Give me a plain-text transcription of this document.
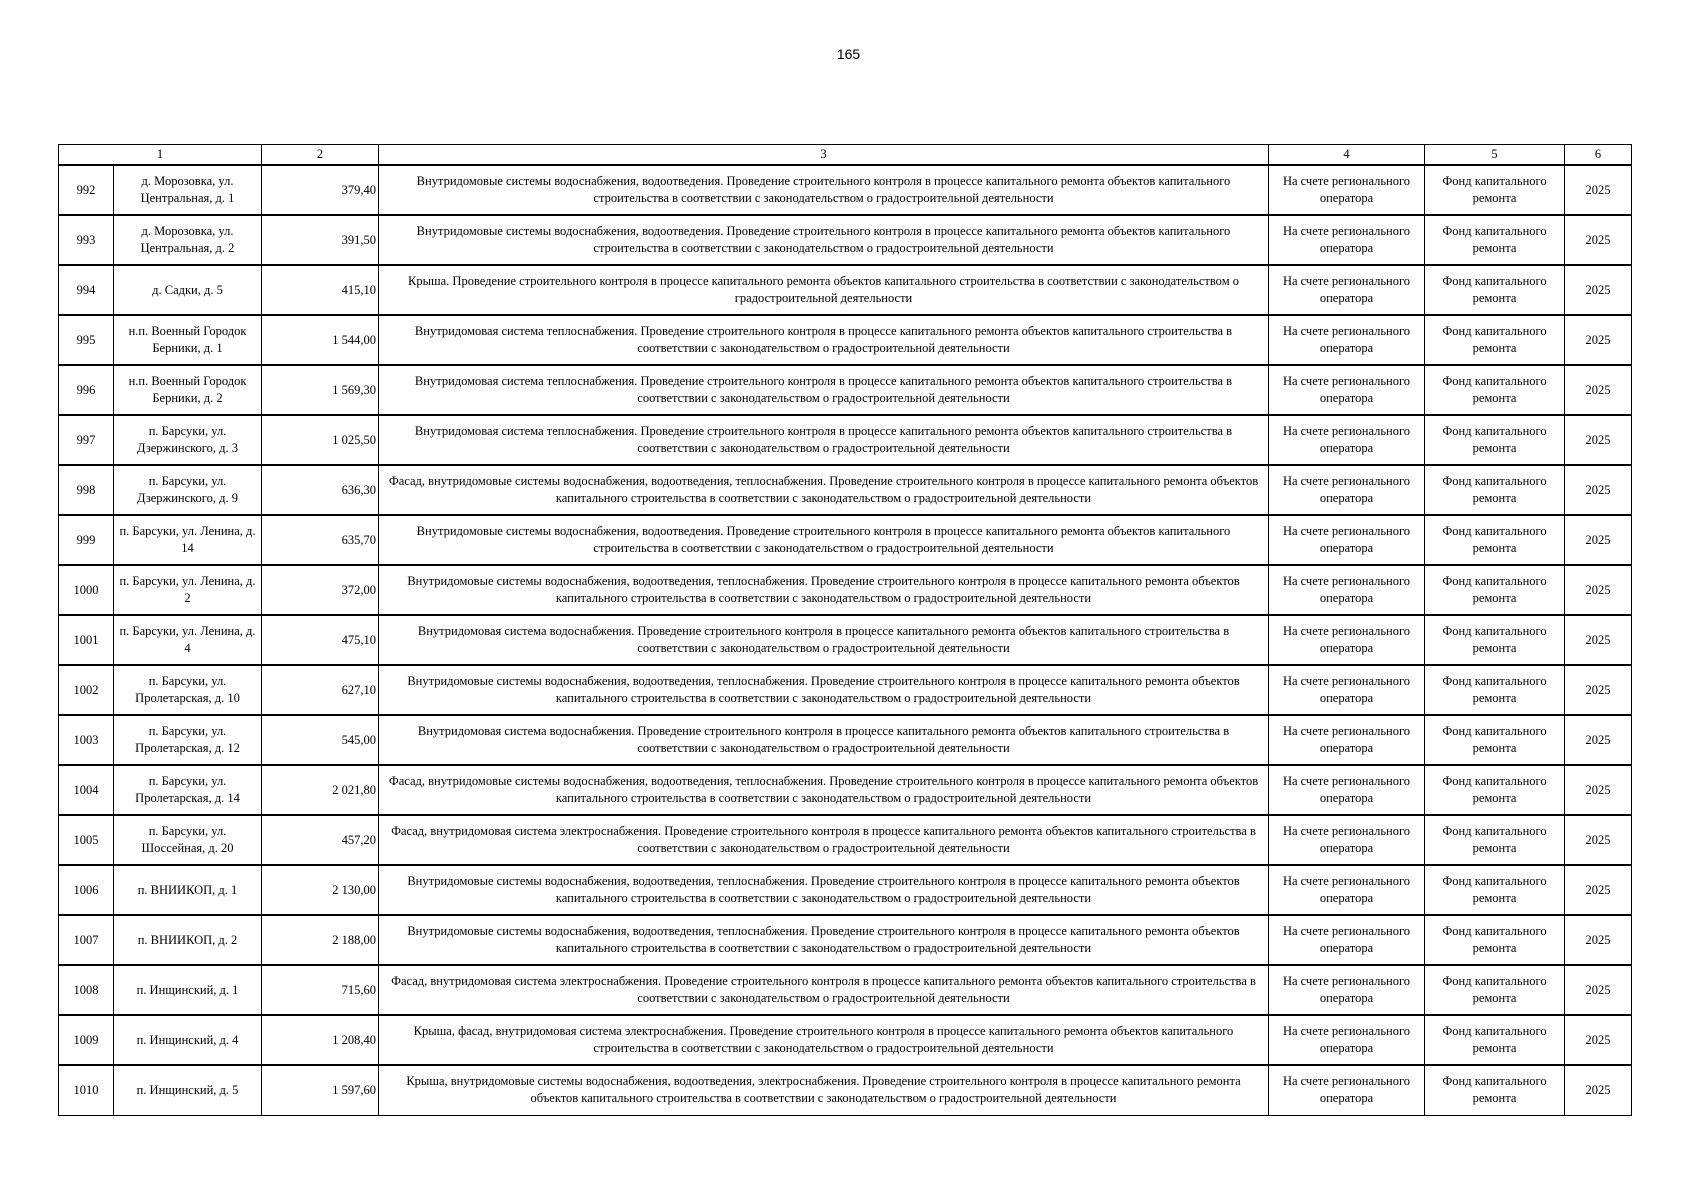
165
1		2	3	4	5	6
992	д. Морозовка, ул. Центральная, д. 1	379,40	Внутридомовые системы водоснабжения, водоотведения. Проведение строительного контроля в процессе капитального ремонта объектов капитального строительства в соответствии с законодательством о градостроительной деятельности	На счете регионального оператора	Фонд капитального ремонта	2025
993	д. Морозовка, ул. Центральная, д. 2	391,50	Внутридомовые системы водоснабжения, водоотведения. Проведение строительного контроля в процессе капитального ремонта объектов капитального строительства в соответствии с законодательством о градостроительной деятельности	На счете регионального оператора	Фонд капитального ремонта	2025
994	д. Садки, д. 5	415,10	Крыша. Проведение строительного контроля в процессе капитального ремонта объектов капитального строительства в соответствии с законодательством о градостроительной деятельности	На счете регионального оператора	Фонд капитального ремонта	2025
995	н.п. Военный Городок Берники, д. 1	1 544,00	Внутридомовая система теплоснабжения. Проведение строительного контроля в процессе капитального ремонта объектов капитального строительства в соответствии с законодательством о градостроительной деятельности	На счете регионального оператора	Фонд капитального ремонта	2025
996	н.п. Военный Городок Берники, д. 2	1 569,30	Внутридомовая система теплоснабжения. Проведение строительного контроля в процессе капитального ремонта объектов капитального строительства в соответствии с законодательством о градостроительной деятельности	На счете регионального оператора	Фонд капитального ремонта	2025
997	п. Барсуки, ул. Дзержинского, д. 3	1 025,50	Внутридомовая система теплоснабжения. Проведение строительного контроля в процессе капитального ремонта объектов капитального строительства в соответствии с законодательством о градостроительной деятельности	На счете регионального оператора	Фонд капитального ремонта	2025
998	п. Барсуки, ул. Дзержинского, д. 9	636,30	Фасад, внутридомовые системы водоснабжения, водоотведения, теплоснабжения. Проведение строительного контроля в процессе капитального ремонта объектов капитального строительства в соответствии с законодательством о градостроительной деятельности	На счете регионального оператора	Фонд капитального ремонта	2025
999	п. Барсуки, ул. Ленина, д. 14	635,70	Внутридомовые системы водоснабжения, водоотведения. Проведение строительного контроля в процессе капитального ремонта объектов капитального строительства в соответствии с законодательством о градостроительной деятельности	На счете регионального оператора	Фонд капитального ремонта	2025
1000	п. Барсуки, ул. Ленина, д. 2	372,00	Внутридомовые системы водоснабжения, водоотведения, теплоснабжения. Проведение строительного контроля в процессе капитального ремонта объектов капитального строительства в соответствии с законодательством о градостроительной деятельности	На счете регионального оператора	Фонд капитального ремонта	2025
1001	п. Барсуки, ул. Ленина, д. 4	475,10	Внутридомовая система водоснабжения. Проведение строительного контроля в процессе капитального ремонта объектов капитального строительства в соответствии с законодательством о градостроительной деятельности	На счете регионального оператора	Фонд капитального ремонта	2025
1002	п. Барсуки, ул. Пролетарская, д. 10	627,10	Внутридомовые системы водоснабжения, водоотведения, теплоснабжения. Проведение строительного контроля в процессе капитального ремонта объектов капитального строительства в соответствии с законодательством о градостроительной деятельности	На счете регионального оператора	Фонд капитального ремонта	2025
1003	п. Барсуки, ул. Пролетарская, д. 12	545,00	Внутридомовая система водоснабжения. Проведение строительного контроля в процессе капитального ремонта объектов капитального строительства в соответствии с законодательством о градостроительной деятельности	На счете регионального оператора	Фонд капитального ремонта	2025
1004	п. Барсуки, ул. Пролетарская, д. 14	2 021,80	Фасад, внутридомовые системы водоснабжения, водоотведения, теплоснабжения. Проведение строительного контроля в процессе капитального ремонта объектов капитального строительства в соответствии с законодательством о градостроительной деятельности	На счете регионального оператора	Фонд капитального ремонта	2025
1005	п. Барсуки, ул. Шоссейная, д. 20	457,20	Фасад, внутридомовая система электроснабжения. Проведение строительного контроля в процессе капитального ремонта объектов капитального строительства в соответствии с законодательством о градостроительной деятельности	На счете регионального оператора	Фонд капитального ремонта	2025
1006	п. ВНИИКОП, д. 1	2 130,00	Внутридомовые системы водоснабжения, водоотведения, теплоснабжения. Проведение строительного контроля в процессе капитального ремонта объектов капитального строительства в соответствии с законодательством о градостроительной деятельности	На счете регионального оператора	Фонд капитального ремонта	2025
1007	п. ВНИИКОП, д. 2	2 188,00	Внутридомовые системы водоснабжения, водоотведения, теплоснабжения. Проведение строительного контроля в процессе капитального ремонта объектов капитального строительства в соответствии с законодательством о градостроительной деятельности	На счете регионального оператора	Фонд капитального ремонта	2025
1008	п. Инщинский, д. 1	715,60	Фасад, внутридомовая система электроснабжения. Проведение строительного контроля в процессе капитального ремонта объектов капитального строительства в соответствии с законодательством о градостроительной деятельности	На счете регионального оператора	Фонд капитального ремонта	2025
1009	п. Инщинский, д. 4	1 208,40	Крыша, фасад, внутридомовая система электроснабжения. Проведение строительного контроля в процессе капитального ремонта объектов капитального строительства в соответствии с законодательством о градостроительной деятельности	На счете регионального оператора	Фонд капитального ремонта	2025
1010	п. Инщинский, д. 5	1 597,60	Крыша, внутридомовые системы водоснабжения, водоотведения, электроснабжения. Проведение строительного контроля в процессе капитального ремонта объектов капитального строительства в соответствии с законодательством о градостроительной деятельности	На счете регионального оператора	Фонд капитального ремонта	2025
